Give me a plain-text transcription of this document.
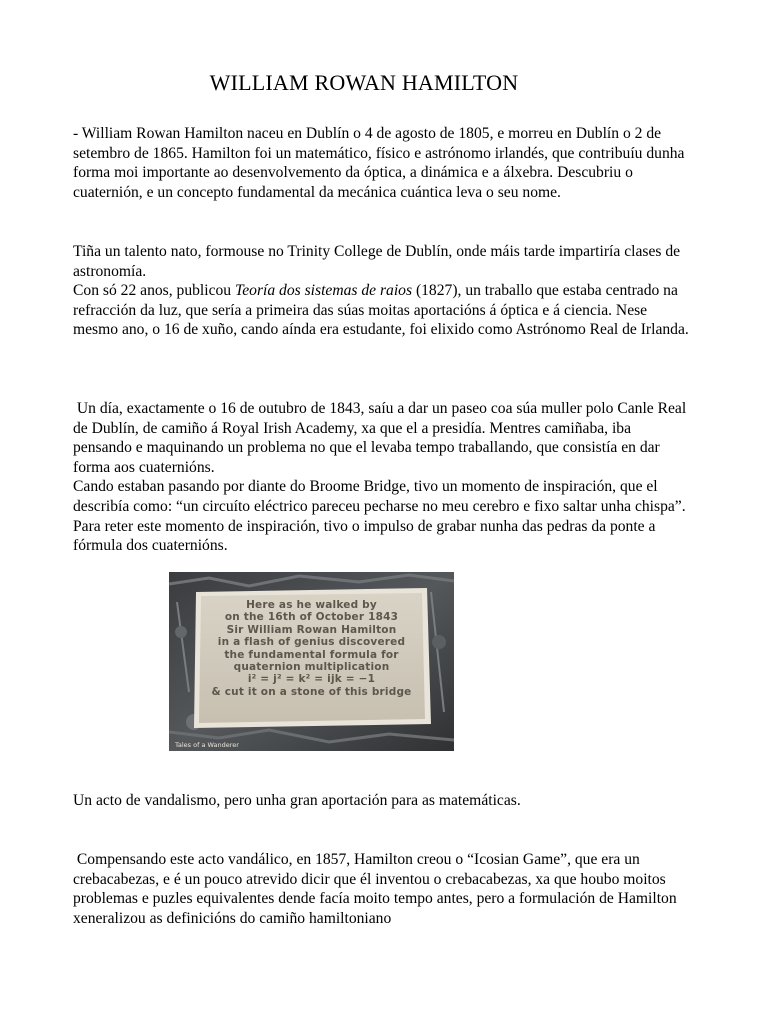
WILLIAM ROWAN HAMILTON
- William Rowan Hamilton naceu en Dublín o 4 de agosto de 1805, e morreu en Dublín o 2 de setembro de 1865. Hamilton foi un matemático, físico e astrónomo irlandés, que contribuíu dunha forma moi importante ao desenvolvemento da óptica, a dinámica e a álxebra. Descubriu o cuaternión, e un concepto fundamental da mecánica cuántica leva o seu nome.
Tiña un talento nato, formouse no Trinity College de Dublín, onde máis tarde impartiría clases de astronomía.
Con só 22 anos, publicou Teoría dos sistemas de raios (1827), un traballo que estaba centrado na refracción da luz, que sería a primeira das súas moitas aportacións á óptica e á ciencia. Nese mesmo ano, o 16 de xuño, cando aínda era estudante, foi elixido como Astrónomo Real de Irlanda.
Un día, exactamente o 16 de outubro de 1843, saíu a dar un paseo coa súa muller polo Canle Real de Dublín, de camiño á Royal Irish Academy, xa que el a presidía. Mentres camiñaba, iba pensando e maquinando un problema no que el levaba tempo traballando, que consistía en dar forma aos cuaternións.
Cando estaban pasando por diante do Broome Bridge, tivo un momento de inspiración, que el describía como: “un circuíto eléctrico pareceu pecharse no meu cerebro e fixo saltar unha chispa”. Para reter este momento de inspiración, tivo o impulso de grabar nunha das pedras da ponte a fórmula dos cuaternións.
Here as he walked by
on the 16th of October 1843
Sir William Rowan Hamilton
in a flash of genius discovered
the fundamental formula for
quaternion multiplication
i² = j² = k² = ijk = −1
& cut it on a stone of this bridge
Tales of a Wanderer
Un acto de vandalismo, pero unha gran aportación para as matemáticas.
Compensando este acto vandálico, en 1857, Hamilton creou o “Icosian Game”, que era un crebacabezas, e é un pouco atrevido dicir que él inventou o crebacabezas, xa que houbo moitos problemas e puzles equivalentes dende facía moito tempo antes, pero a formulación de Hamilton xeneralizou as definicións do camiño hamiltoniano
